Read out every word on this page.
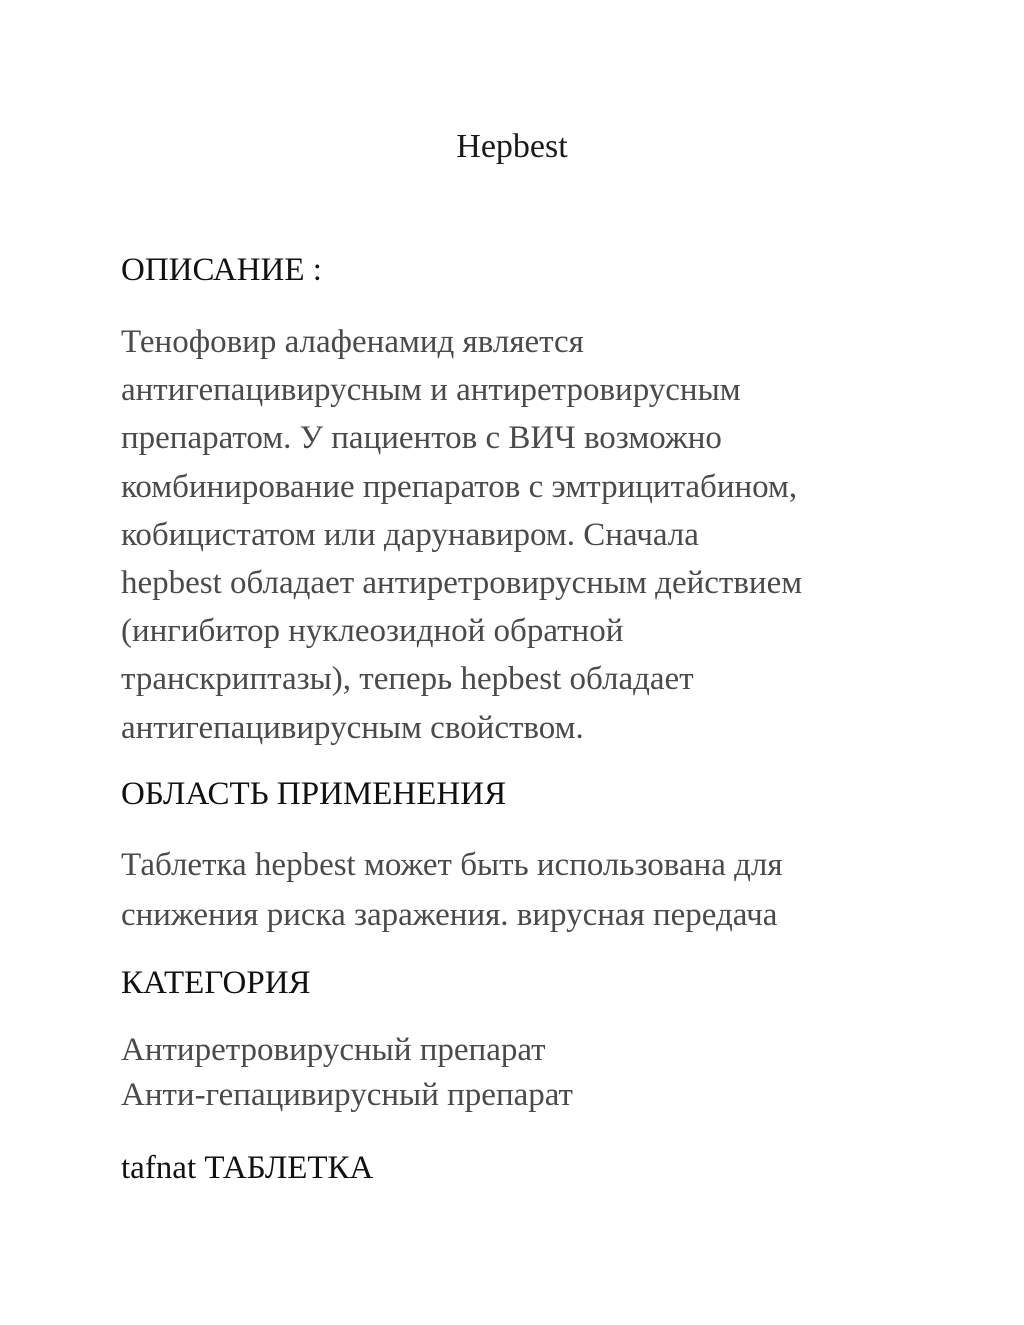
Hepbest
ОПИСАНИЕ :
Тенофовир алафенамид является
антигепацивирусным и антиретровирусным
препаратом. У пациентов с ВИЧ возможно
комбинирование препаратов с эмтрицитабином,
кобицистатом или дарунавиром. Сначала
hepbest обладает антиретровирусным действием
(ингибитор нуклеозидной обратной
транскриптазы), теперь hepbest обладает
антигепацивирусным свойством.
ОБЛАСТЬ ПРИМЕНЕНИЯ
Таблетка hepbest может быть использована для
снижения риска заражения. вирусная передача
КАТЕГОРИЯ
Антиретровирусный препарат
Анти-гепацивирусный препарат
tafnat ТАБЛЕТКА
